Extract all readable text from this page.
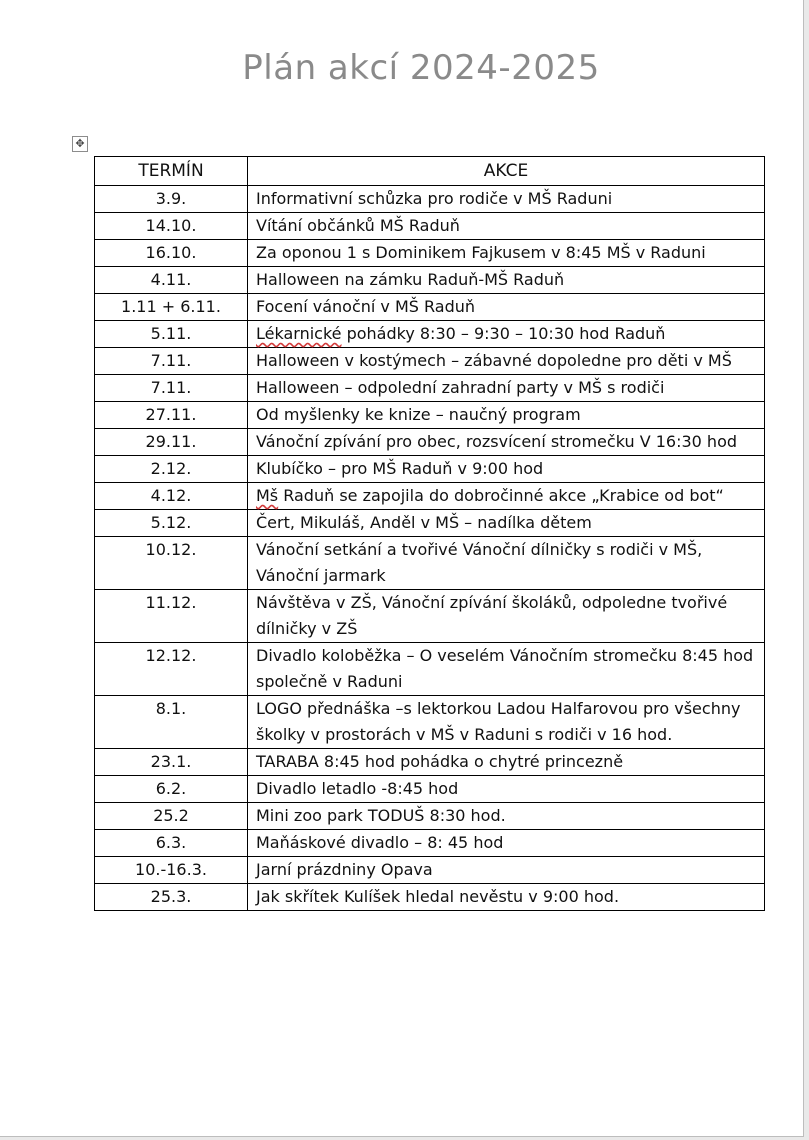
Plán akcí 2024-2025
✥
TERMÍN	AKCE
3.9.	Informativní schůzka pro rodiče v MŠ Raduni
14.10.	Vítání občánků MŠ Raduň
16.10.	Za oponou 1 s Dominikem Fajkusem v 8:45 MŠ v Raduni
4.11.	Halloween na zámku Raduň-MŠ Raduň
1.11 + 6.11.	Focení vánoční v MŠ Raduň
5.11.	Lékarnické pohádky 8:30 – 9:30 – 10:30 hod Raduň
7.11.	Halloween v kostýmech – zábavné dopoledne pro děti v MŠ
7.11.	Halloween – odpolední zahradní party v MŠ s rodiči
27.11.	Od myšlenky ke knize – naučný program
29.11.	Vánoční zpívání pro obec, rozsvícení stromečku V 16:30 hod
2.12.	Klubíčko – pro MŠ Raduň v 9:00 hod
4.12.	Mš Raduň se zapojila do dobročinné akce „Krabice od bot“
5.12.	Čert, Mikuláš, Anděl v MŠ – nadílka dětem
10.12.	Vánoční setkání a tvořivé Vánoční dílničky s rodiči v MŠ, Vánoční jarmark
11.12.	Návštěva v ZŠ, Vánoční zpívání školáků, odpoledne tvořivé dílničky v ZŠ
12.12.	Divadlo koloběžka – O veselém Vánočním stromečku 8:45 hod společně v Raduni
8.1.	LOGO přednáška –s lektorkou Ladou Halfarovou pro všechny školky v prostorách v MŠ v Raduni s rodiči v 16 hod.
23.1.	TARABA 8:45 hod pohádka o chytré princezně
6.2.	Divadlo letadlo -8:45 hod
25.2	Mini zoo park TODUŠ 8:30 hod.
6.3.	Maňáskové divadlo – 8: 45 hod
10.-16.3.	Jarní prázdniny Opava
25.3.	Jak skřítek Kulíšek hledal nevěstu v 9:00 hod.
